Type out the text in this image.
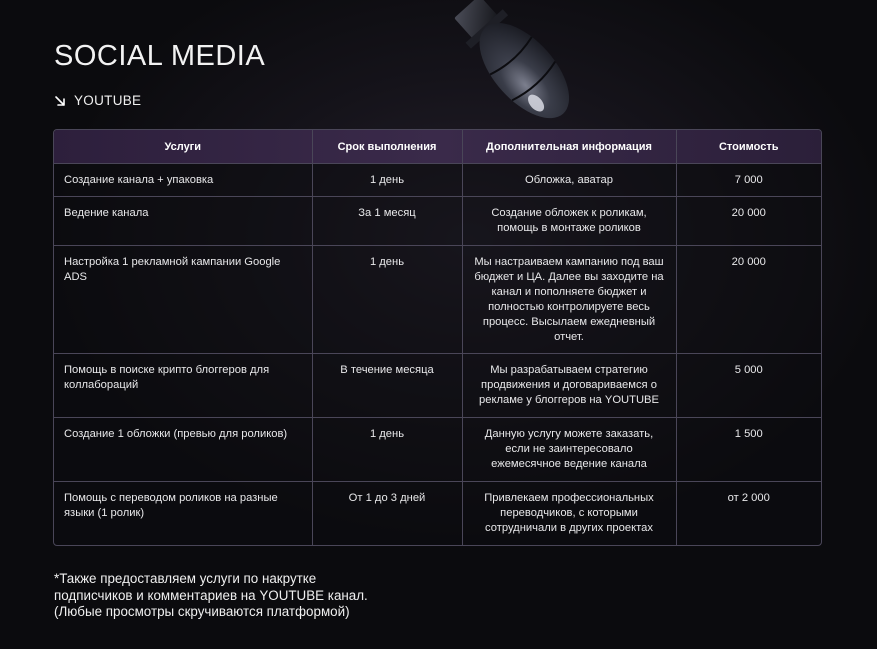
SOCIAL MEDIA
YOUTUBE
Услуги	Срок выполнения	Дополнительная информация	Стоимость
Создание канала + упаковка	1 день	Обложка, аватар	7 000
Ведение канала	За 1 месяц	Создание обложек к роликам, помощь в монтаже роликов	20 000
Настройка 1 рекламной кампании Google ADS	1 день	Мы настраиваем кампанию под ваш бюджет и ЦА. Далее вы заходите на канал и пополняете бюджет и полностью контролируете весь процесс. Высылаем ежедневный отчет.	20 000
Помощь в поиске крипто блоггеров для коллабораций	В течение месяца	Мы разрабатываем стратегию продвижения и договариваемся о рекламе у блоггеров на YOUTUBE	5 000
Создание 1 обложки (превью для роликов)	1 день	Данную услугу можете заказать, если не заинтересовало ежемесячное ведение канала	1 500
Помощь с переводом роликов на разные языки (1 ролик)	От 1 до 3 дней	Привлекаем профессиональных переводчиков, с которыми сотрудничали в других проектах	от 2 000
*Также предоставляем услуги по накрутке
подписчиков и комментариев на YOUTUBE канал.
(Любые просмотры скручиваются платформой)
